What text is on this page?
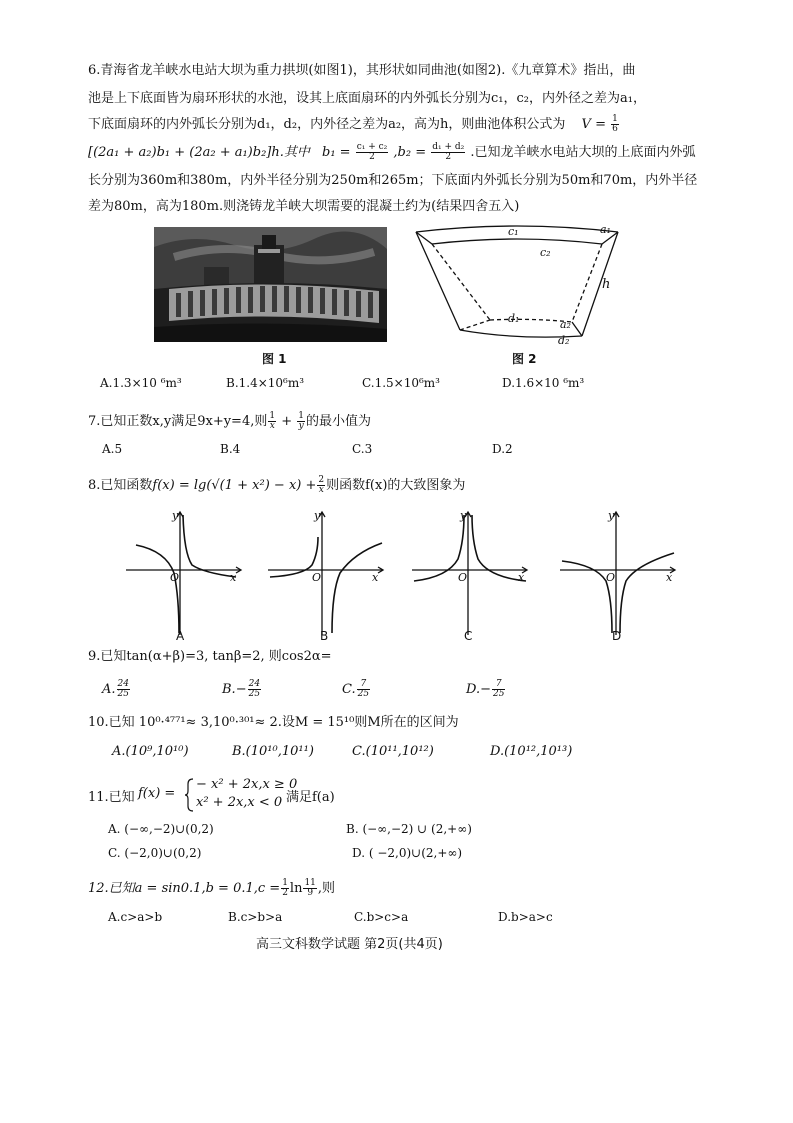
6.青海省龙羊峡水电站大坝为重力拱坝(如图1)，其形状如同曲池(如图2).《九章算术》指出，曲
池是上下底面皆为扇环形状的水池，设其上底面扇环的内外弧长分别为c₁，c₂，内外径之差为a₁，
下底面扇环的内外弧长分别为d₁，d₂，内外径之差为a₂，高为h，则曲池体积公式为 $V = \frac{1}{6}$
[(2a₁ + a₂)b₁ + (2a₂ + a₁)b₂]h.其中 $b_1 = \frac{\text{c₁ + c₂}}{2} ,b_2 = \frac{\text{d₁ + d₂}}{2}$ .已知龙羊峡水电站大坝的上底面内外弧
长分别为360m和380m，内外半径分别为250m和265m；下底面内外弧长分别为50m和70m，内外半径
差为80m，高为180m.则浇铸龙羊峡大坝需要的混凝土约为(结果四舍五入)
图 1
c₁
c₂
a₁
h
d₁	a₂
d₂
图 2
A.1.3×10 ⁶m³	B.1.4×10⁶m³	C.1.5×10⁶m³	D.1.6×10 ⁶m³
7.已知正数x,y满足9x+y=4,则 $\frac{1}{x} + \frac{1}{y}$ 的最小值为
A.5	B.4	C.3	D.2
8.已知函数$f(x) = \lg(√(1 + x^2) - x) + \frac{2}{x}$ 则函数f(x)的大致图象为
y
x
O
A
y
x
O
B
y
x
O
C
y
x
O
D
9.已知tan(α+β)=3, tanβ=2, 则cos2α=
A. $\frac{24}{25}$	$B.- \frac{24}{25}$	C. $\frac{7}{25}$	$D.- \frac{7}{25}$
10.已知 10⁰·⁴⁷⁷¹≈ 3,10⁰·³⁰¹≈ 2.设M = 15¹⁰则M所在的区间为
A.(10⁹,10¹⁰)	B.(10¹⁰,10¹¹)	C.(10¹¹,10¹²)	D.(10¹²,10¹³)
11.已知 f(x) =
− x² + 2x,x ≥ 0
x² + 2x,x < 0 满足f(a)
A. (−∞,−2)∪(0,2)	B. (−∞,−2) ∪ (2,+∞)
C. (−2,0)∪(0,2)	D. ( −2,0)∪(2,+∞)
12.已知$a = \sin 0.1,b = 0.1,c = \frac{1}{2}$ $\ln \frac{11}{9}$ ,则
A.c>a>b	B.c>b>a	C.b>c>a	D.b>a>c
高三文科数学试题 第2页(共4页)
